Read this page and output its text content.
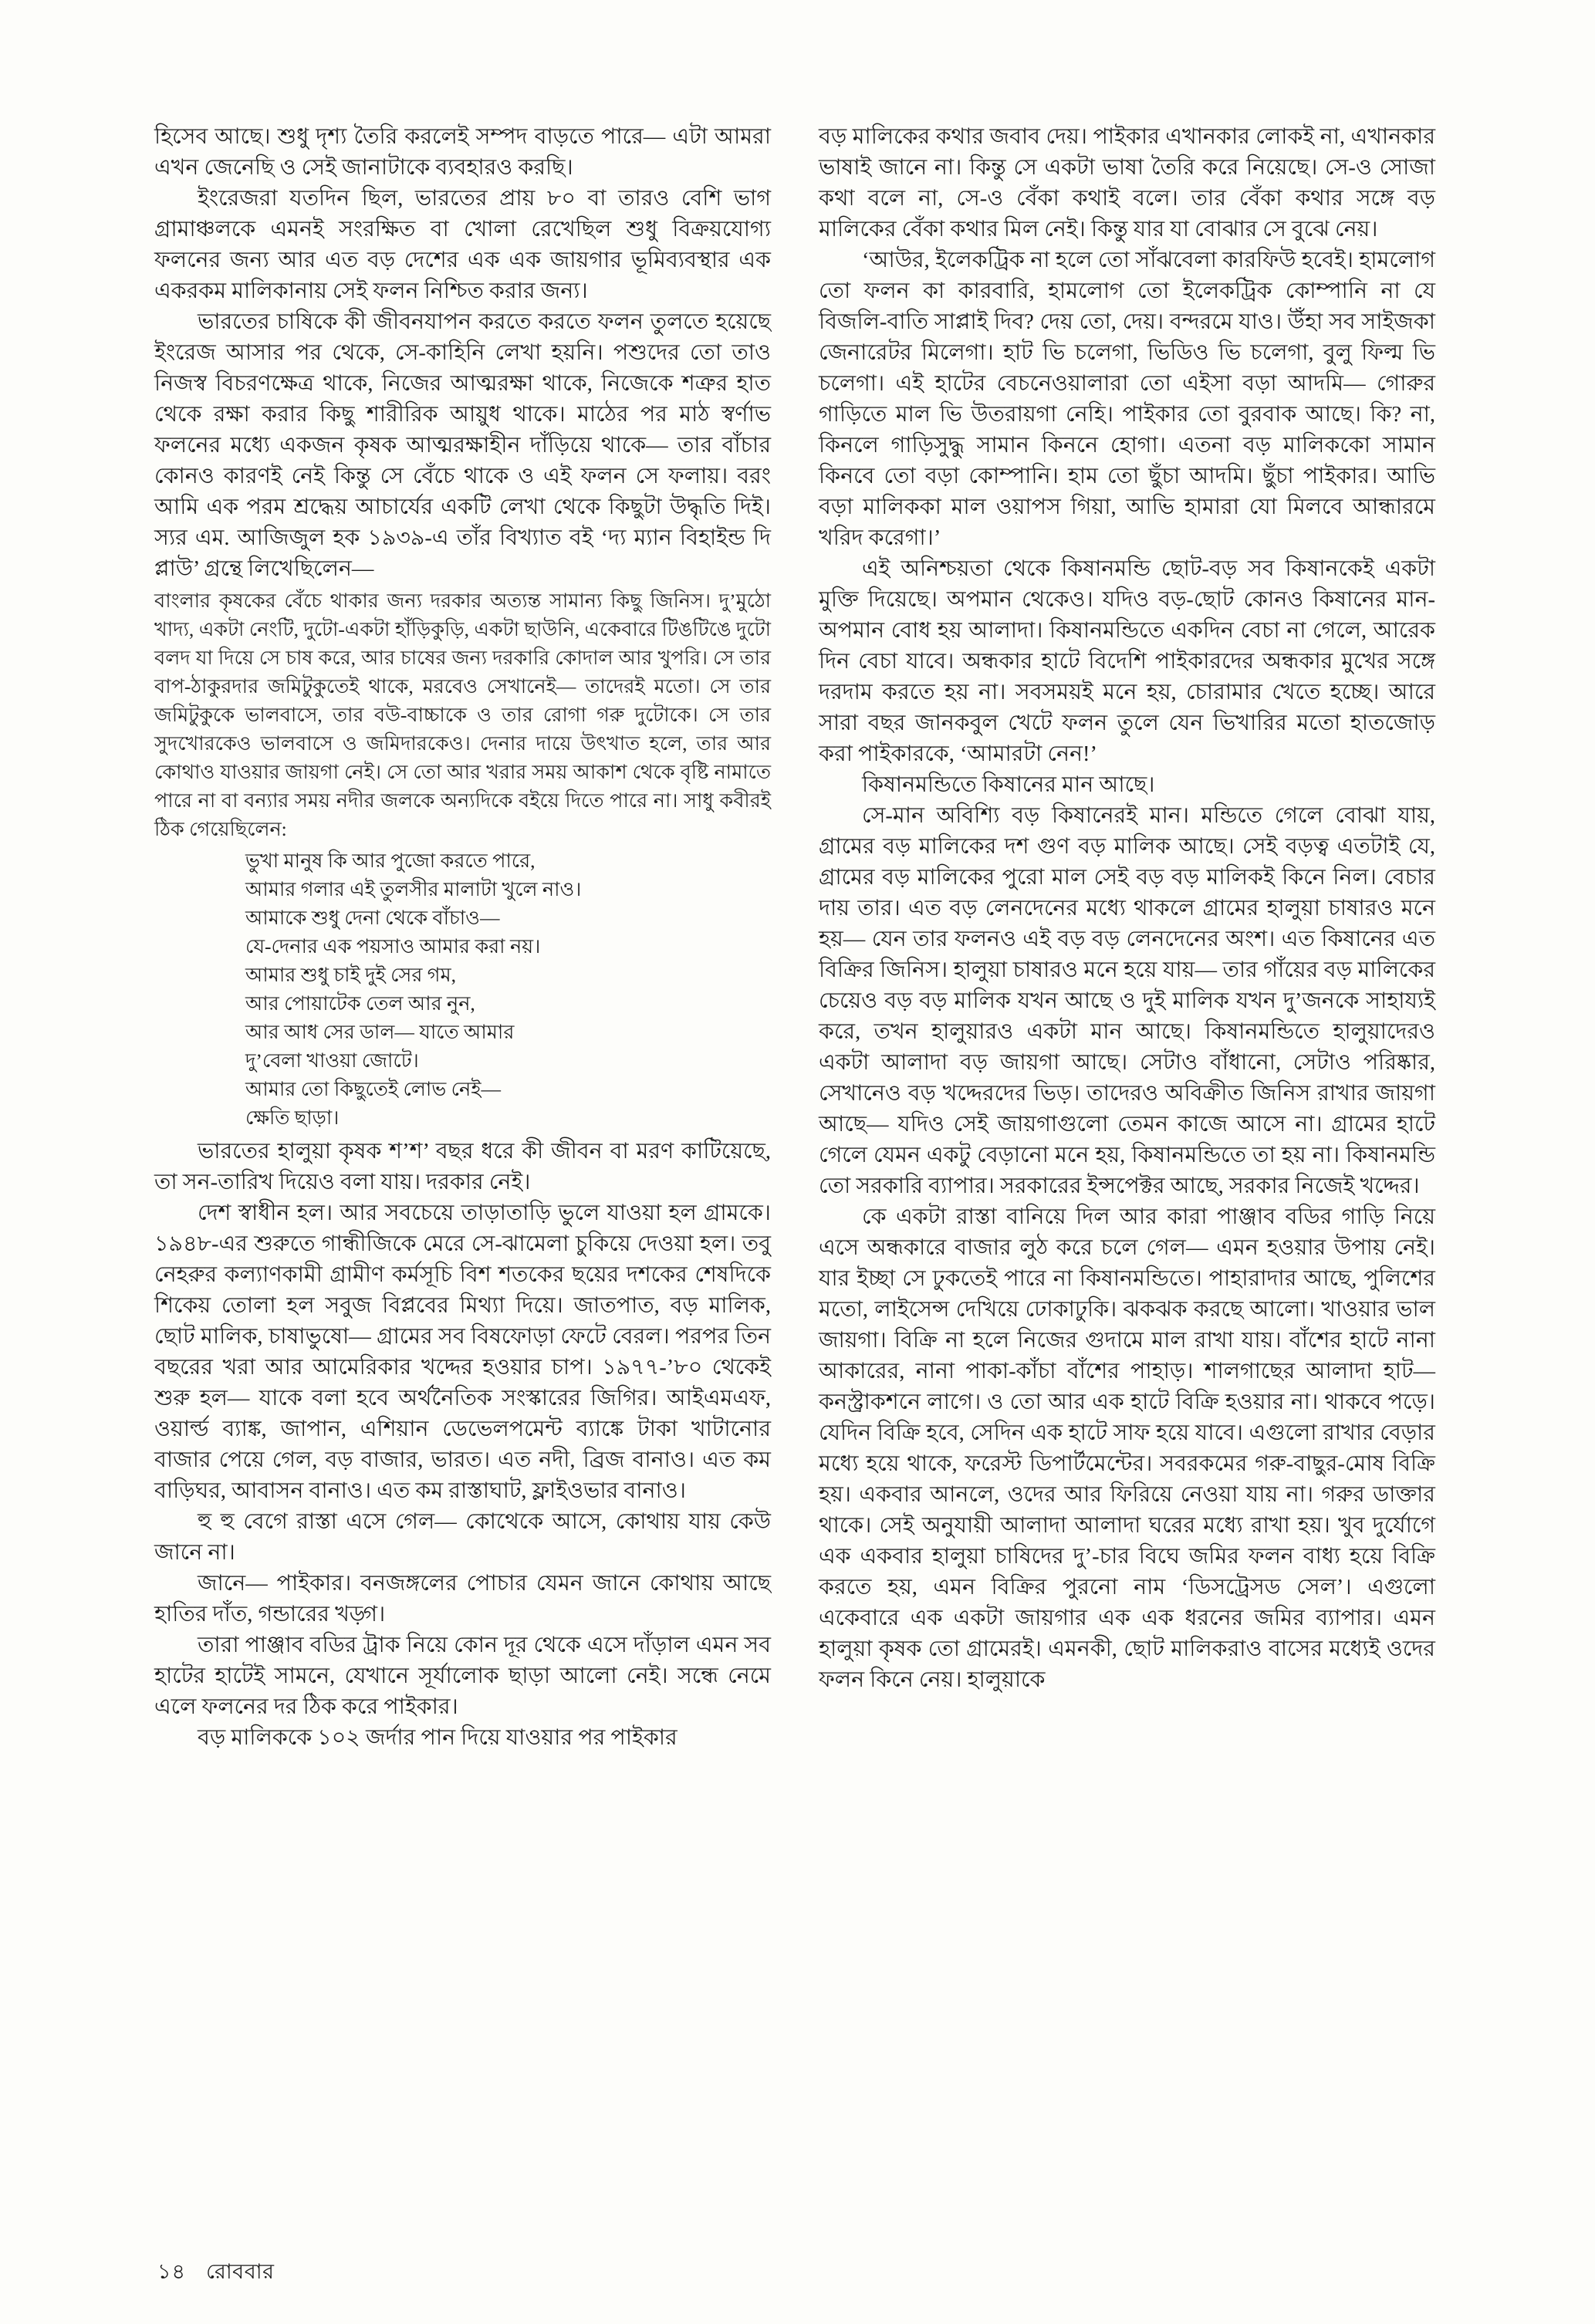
হিসেব আছে। শুধু দৃশ্য তৈরি করলেই সম্পদ বাড়তে পারে— এটা আমরা এখন জেনেছি ও সেই জানাটাকে ব্যবহারও করছি।

ইংরেজরা যতদিন ছিল, ভারতের প্রায় ৮০ বা তারও বেশি ভাগ গ্রামাঞ্চলকে এমনই সংরক্ষিত বা খোলা রেখেছিল শুধু বিক্রয়যোগ্য ফলনের জন্য আর এত বড় দেশের এক এক জায়গার ভূমিব্যবস্থার এক একরকম মালিকানায় সেই ফলন নিশ্চিত করার জন্য।

ভারতের চাষিকে কী জীবনযাপন করতে করতে ফলন তুলতে হয়েছে ইংরেজ আসার পর থেকে, সে-কাহিনি লেখা হয়নি। পশুদের তো তাও নিজস্ব বিচরণক্ষেত্র থাকে, নিজের আত্মরক্ষা থাকে, নিজেকে শত্রুর হাত থেকে রক্ষা করার কিছু শারীরিক আয়ুধ থাকে। মাঠের পর মাঠ স্বর্ণাভ ফলনের মধ্যে একজন কৃষক আত্মরক্ষাহীন দাঁড়িয়ে থাকে— তার বাঁচার কোনও কারণই নেই কিন্তু সে বেঁচে থাকে ও এই ফলন সে ফলায়। বরং আমি এক পরম শ্রদ্ধেয় আচার্যের একটি লেখা থেকে কিছুটা উদ্ধৃতি দিই। স্যর এম. আজিজুল হক ১৯৩৯-এ তাঁর বিখ্যাত বই ‘দ্য ম্যান বিহাইন্ড দি প্লাউ’ গ্রন্থে লিখেছিলেন—

বাংলার কৃষকের বেঁচে থাকার জন্য দরকার অত্যন্ত সামান্য কিছু জিনিস। দু’মুঠো খাদ্য, একটা নেংটি, দুটো-একটা হাঁড়িকুড়ি, একটা ছাউনি, একেবারে টিঙটিঙে দুটো বলদ যা দিয়ে সে চাষ করে, আর চাষের জন্য দরকারি কোদাল আর খুপরি। সে তার বাপ-ঠাকুরদার জমিটুকুতেই থাকে, মরবেও সেখানেই— তাদেরই মতো। সে তার জমিটুকুকে ভালবাসে, তার বউ-বাচ্চাকে ও তার রোগা গরু দুটোকে। সে তার সুদখোরকেও ভালবাসে ও জমিদারকেও। দেনার দায়ে উৎখাত হলে, তার আর কোথাও যাওয়ার জায়গা নেই। সে তো আর খরার সময় আকাশ থেকে বৃষ্টি নামাতে পারে না বা বন্যার সময় নদীর জলকে অন্যদিকে বইয়ে দিতে পারে না। সাধু কবীরই ঠিক গেয়েছিলেন:

ভুখা মানুষ কি আর পুজো করতে পারে,

আমার গলার এই তুলসীর মালাটা খুলে নাও।

আমাকে শুধু দেনা থেকে বাঁচাও—

যে-দেনার এক পয়সাও আমার করা নয়।

আমার শুধু চাই দুই সের গম,

আর পোয়াটেক তেল আর নুন,

আর আধ সের ডাল— যাতে আমার

দু’বেলা খাওয়া জোটে।

আমার তো কিছুতেই লোভ নেই—

ক্ষেতি ছাড়া।

ভারতের হালুয়া কৃষক শ’শ’ বছর ধরে কী জীবন বা মরণ কাটিয়েছে, তা সন-তারিখ দিয়েও বলা যায়। দরকার নেই।

দেশ স্বাধীন হল। আর সবচেয়ে তাড়াতাড়ি ভুলে যাওয়া হল গ্রামকে। ১৯৪৮-এর শুরুতে গান্ধীজিকে মেরে সে-ঝামেলা চুকিয়ে দেওয়া হল। তবু নেহরুর কল্যাণকামী গ্রামীণ কর্মসূচি বিশ শতকের ছয়ের দশকের শেষদিকে শিকেয় তোলা হল সবুজ বিপ্লবের মিথ্যা দিয়ে। জাতপাত, বড় মালিক, ছোট মালিক, চাষাভুষো— গ্রামের সব বিষফোড়া ফেটে বেরল। পরপর তিন বছরের খরা আর আমেরিকার খদ্দের হওয়ার চাপ। ১৯৭৭-’৮০ থেকেই শুরু হল— যাকে বলা হবে অর্থনৈতিক সংস্কারের জিগির। আইএমএফ, ওয়ার্ল্ড ব্যাঙ্ক, জাপান, এশিয়ান ডেভেলপমেন্ট ব্যাঙ্কে টাকা খাটানোর বাজার পেয়ে গেল, বড় বাজার, ভারত। এত নদী, ব্রিজ বানাও। এত কম বাড়িঘর, আবাসন বানাও। এত কম রাস্তাঘাট, ফ্লাইওভার বানাও।

হু হু বেগে রাস্তা এসে গেল— কোথেকে আসে, কোথায় যায় কেউ জানে না।

জানে— পাইকার। বনজঙ্গলের পোচার যেমন জানে কোথায় আছে হাতির দাঁত, গন্ডারের খড়্গ।

তারা পাঞ্জাব বডির ট্রাক নিয়ে কোন দূর থেকে এসে দাঁড়াল এমন সব হাটের হাটেই সামনে, যেখানে সূর্যালোক ছাড়া আলো নেই। সন্ধে নেমে এলে ফলনের দর ঠিক করে পাইকার।

বড় মালিককে ১০২ জর্দার পান দিয়ে যাওয়ার পর পাইকার

বড় মালিকের কথার জবাব দেয়। পাইকার এখানকার লোকই না, এখানকার ভাষাই জানে না। কিন্তু সে একটা ভাষা তৈরি করে নিয়েছে। সে-ও সোজা কথা বলে না, সে-ও বেঁকা কথাই বলে। তার বেঁকা কথার সঙ্গে বড় মালিকের বেঁকা কথার মিল নেই। কিন্তু যার যা বোঝার সে বুঝে নেয়।

‘আউর, ইলেকট্রিক না হলে তো সাঁঝবেলা কারফিউ হবেই। হামলোগ তো ফলন কা কারবারি, হামলোগ তো ইলেকট্রিক কোম্পানি না যে বিজলি-বাতি সাপ্লাই দিব? দেয় তো, দেয়। বন্দরমে যাও। উঁহা সব সাইজকা জেনারেটর মিলেগা। হাট ভি চলেগা, ভিডিও ভি চলেগা, বুলু ফিল্ম ভি চলেগা। এই হাটের বেচনেওয়ালারা তো এইসা বড়া আদমি— গোরুর গাড়িতে মাল ভি উতরায়গা নেহি। পাইকার তো বুরবাক আছে। কি? না, কিনলে গাড়িসুদ্ধু সামান কিননে হোগা। এতনা বড় মালিককো সামান কিনবে তো বড়া কোম্পানি। হাম তো ছুঁচা আদমি। ছুঁচা পাইকার। আভি বড়া মালিককা মাল ওয়াপস গিয়া, আভি হামারা যো মিলবে আন্ধারমে খরিদ করেগা।’

এই অনিশ্চয়তা থেকে কিষানমন্ডি ছোট-বড় সব কিষানকেই একটা মুক্তি দিয়েছে। অপমান থেকেও। যদিও বড়-ছোট কোনও কিষানের মান-অপমান বোধ হয় আলাদা। কিষানমন্ডিতে একদিন বেচা না গেলে, আরেক দিন বেচা যাবে। অন্ধকার হাটে বিদেশি পাইকারদের অন্ধকার মুখের সঙ্গে দরদাম করতে হয় না। সবসময়ই মনে হয়, চোরামার খেতে হচ্ছে। আরে সারা বছর জানকবুল খেটে ফলন তুলে যেন ভিখারির মতো হাতজোড় করা পাইকারকে, ‘আমারটা নেন!’

কিষানমন্ডিতে কিষানের মান আছে।

সে-মান অবিশ্যি বড় কিষানেরই মান। মন্ডিতে গেলে বোঝা যায়, গ্রামের বড় মালিকের দশ গুণ বড় মালিক আছে। সেই বড়ত্ব এতটাই যে, গ্রামের বড় মালিকের পুরো মাল সেই বড় বড় মালিকই কিনে নিল। বেচার দায় তার। এত বড় লেনদেনের মধ্যে থাকলে গ্রামের হালুয়া চাষারও মনে হয়— যেন তার ফলনও এই বড় বড় লেনদেনের অংশ। এত কিষানের এত বিক্রির জিনিস। হালুয়া চাষারও মনে হয়ে যায়— তার গাঁয়ের বড় মালিকের চেয়েও বড় বড় মালিক যখন আছে ও দুই মালিক যখন দু’জনকে সাহায্যই করে, তখন হালুয়ারও একটা মান আছে। কিষানমন্ডিতে হালুয়াদেরও একটা আলাদা বড় জায়গা আছে। সেটাও বাঁধানো, সেটাও পরিষ্কার, সেখানেও বড় খদ্দেরদের ভিড়। তাদেরও অবিক্রীত জিনিস রাখার জায়গা আছে— যদিও সেই জায়গাগুলো তেমন কাজে আসে না। গ্রামের হাটে গেলে যেমন একটু বেড়ানো মনে হয়, কিষানমন্ডিতে তা হয় না। কিষানমন্ডি তো সরকারি ব্যাপার। সরকারের ইন্সপেক্টর আছে, সরকার নিজেই খদ্দের।

কে একটা রাস্তা বানিয়ে দিল আর কারা পাঞ্জাব বডির গাড়ি নিয়ে এসে অন্ধকারে বাজার লুঠ করে চলে গেল— এমন হওয়ার উপায় নেই। যার ইচ্ছা সে ঢুকতেই পারে না কিষানমন্ডিতে। পাহারাদার আছে, পুলিশের মতো, লাইসেন্স দেখিয়ে ঢোকাঢুকি। ঝকঝক করছে আলো। খাওয়ার ভাল জায়গা। বিক্রি না হলে নিজের গুদামে মাল রাখা যায়। বাঁশের হাটে নানা আকারের, নানা পাকা-কাঁচা বাঁশের পাহাড়। শালগাছের আলাদা হাট— কনস্ট্রাকশনে লাগে। ও তো আর এক হাটে বিক্রি হওয়ার না। থাকবে পড়ে। যেদিন বিক্রি হবে, সেদিন এক হাটে সাফ হয়ে যাবে। এগুলো রাখার বেড়ার মধ্যে হয়ে থাকে, ফরেস্ট ডিপার্টমেন্টের। সবরকমের গরু-বাছুর-মোষ বিক্রি হয়। একবার আনলে, ওদের আর ফিরিয়ে নেওয়া যায় না। গরুর ডাক্তার থাকে। সেই অনুযায়ী আলাদা আলাদা ঘরের মধ্যে রাখা হয়। খুব দুর্যোগে এক একবার হালুয়া চাষিদের দু’-চার বিঘে জমির ফলন বাধ্য হয়ে বিক্রি করতে হয়, এমন বিক্রির পুরনো নাম ‘ডিসট্রেসড সেল’। এগুলো একেবারে এক একটা জায়গার এক এক ধরনের জমির ব্যাপার। এমন হালুয়া কৃষক তো গ্রামেরই। এমনকী, ছোট মালিকরাও বাসের মধ্যেই ওদের ফলন কিনে নেয়। হালুয়াকে

১৪ রোববার
